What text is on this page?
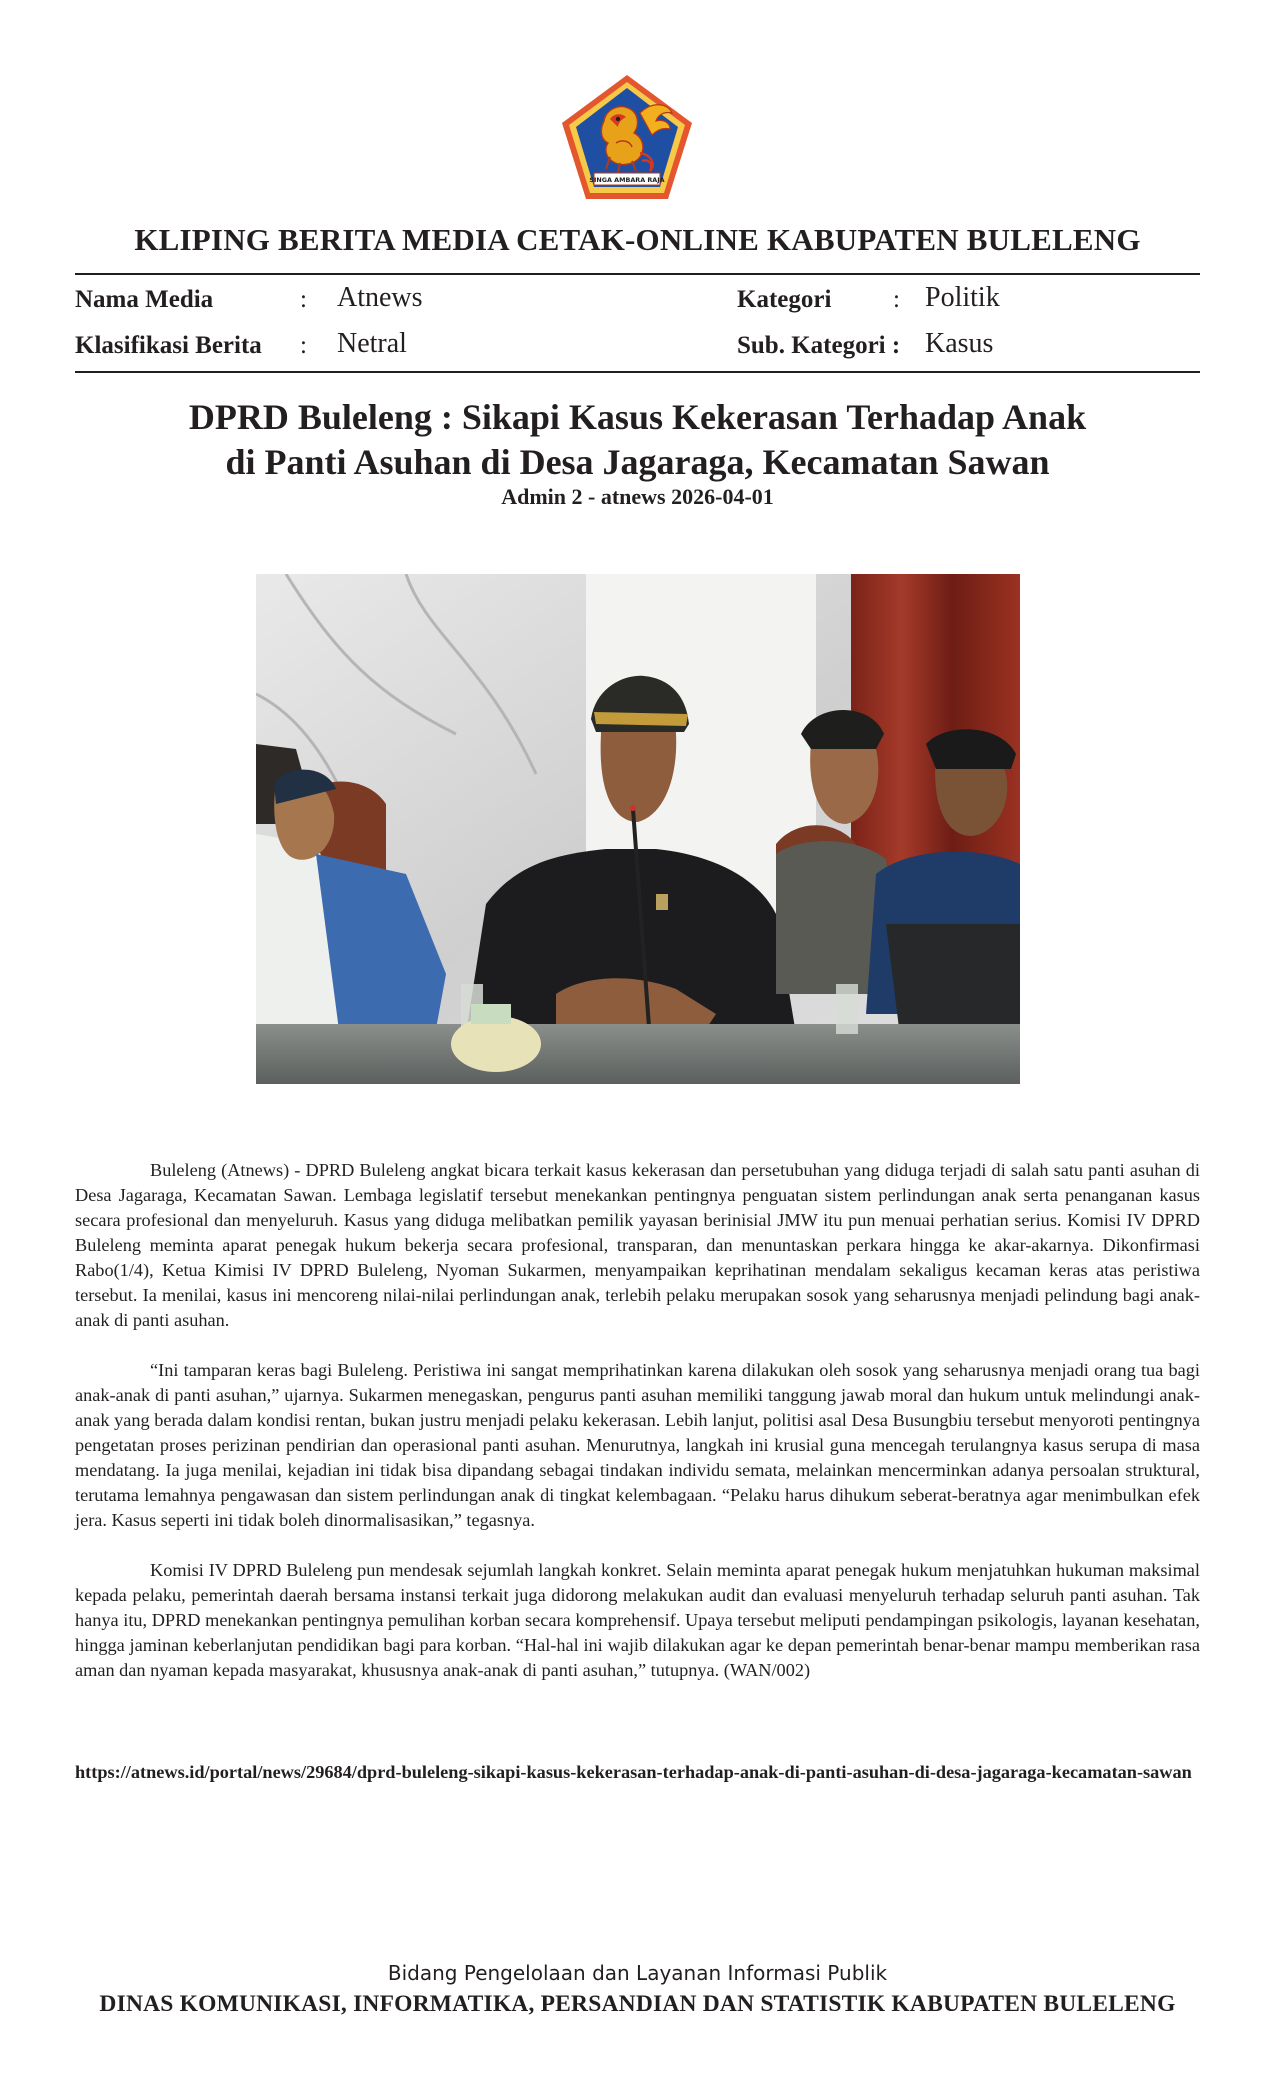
SINGA AMBARA RAJA
KLIPING BERITA MEDIA CETAK-ONLINE KABUPATEN BULELENG
Nama Media	: Atnews	Kategori : Politik
Klasifikasi Berita : Netral	Sub. Kategori : Kasus
DPRD Buleleng : Sikapi Kasus Kekerasan Terhadap Anak
di Panti Asuhan di Desa Jagaraga, Kecamatan Sawan
Admin 2 - atnews 2026-04-01

Buleleng (Atnews) - DPRD Buleleng angkat bicara terkait kasus kekerasan dan persetubuhan yang diduga terjadi di salah satu panti asuhan di Desa Jagaraga, Kecamatan Sawan. Lembaga legislatif tersebut menekankan pentingnya penguatan sistem perlindungan anak serta penanganan kasus secara profesional dan menyeluruh. Kasus yang diduga melibatkan pemilik yayasan berinisial JMW itu pun menuai perhatian serius. Komisi IV DPRD Buleleng meminta aparat penegak hukum bekerja secara profesional, transparan, dan menuntaskan perkara hingga ke akar-akarnya. Dikonfirmasi Rabo(1/4), Ketua Kimisi IV DPRD Buleleng, Nyoman Sukarmen, menyampaikan keprihatinan mendalam sekaligus kecaman keras atas peristiwa tersebut. Ia menilai, kasus ini mencoreng nilai-nilai perlindungan anak, terlebih pelaku merupakan sosok yang seharusnya menjadi pelindung bagi anak-anak di panti asuhan.

“Ini tamparan keras bagi Buleleng. Peristiwa ini sangat memprihatinkan karena dilakukan oleh sosok yang seharusnya menjadi orang tua bagi anak-anak di panti asuhan,” ujarnya. Sukarmen menegaskan, pengurus panti asuhan memiliki tanggung jawab moral dan hukum untuk melindungi anak-anak yang berada dalam kondisi rentan, bukan justru menjadi pelaku kekerasan. Lebih lanjut, politisi asal Desa Busungbiu tersebut menyoroti pentingnya pengetatan proses perizinan pendirian dan operasional panti asuhan. Menurutnya, langkah ini krusial guna mencegah terulangnya kasus serupa di masa mendatang. Ia juga menilai, kejadian ini tidak bisa dipandang sebagai tindakan individu semata, melainkan mencerminkan adanya persoalan struktural, terutama lemahnya pengawasan dan sistem perlindungan anak di tingkat kelembagaan. “Pelaku harus dihukum seberat-beratnya agar menimbulkan efek jera. Kasus seperti ini tidak boleh dinormalisasikan,” tegasnya.

Komisi IV DPRD Buleleng pun mendesak sejumlah langkah konkret. Selain meminta aparat penegak hukum menjatuhkan hukuman maksimal kepada pelaku, pemerintah daerah bersama instansi terkait juga didorong melakukan audit dan evaluasi menyeluruh terhadap seluruh panti asuhan. Tak hanya itu, DPRD menekankan pentingnya pemulihan korban secara komprehensif. Upaya tersebut meliputi pendampingan psikologis, layanan kesehatan, hingga jaminan keberlanjutan pendidikan bagi para korban. “Hal-hal ini wajib dilakukan agar ke depan pemerintah benar-benar mampu memberikan rasa aman dan nyaman kepada masyarakat, khususnya anak-anak di panti asuhan,” tutupnya. (WAN/002)

https://atnews.id/portal/news/29684/dprd-buleleng-sikapi-kasus-kekerasan-terhadap-anak-di-panti-asuhan-di-desa-jagaraga-kecamatan-sawan
Bidang Pengelolaan dan Layanan Informasi Publik
DINAS KOMUNIKASI, INFORMATIKA, PERSANDIAN DAN STATISTIK KABUPATEN BULELENG
